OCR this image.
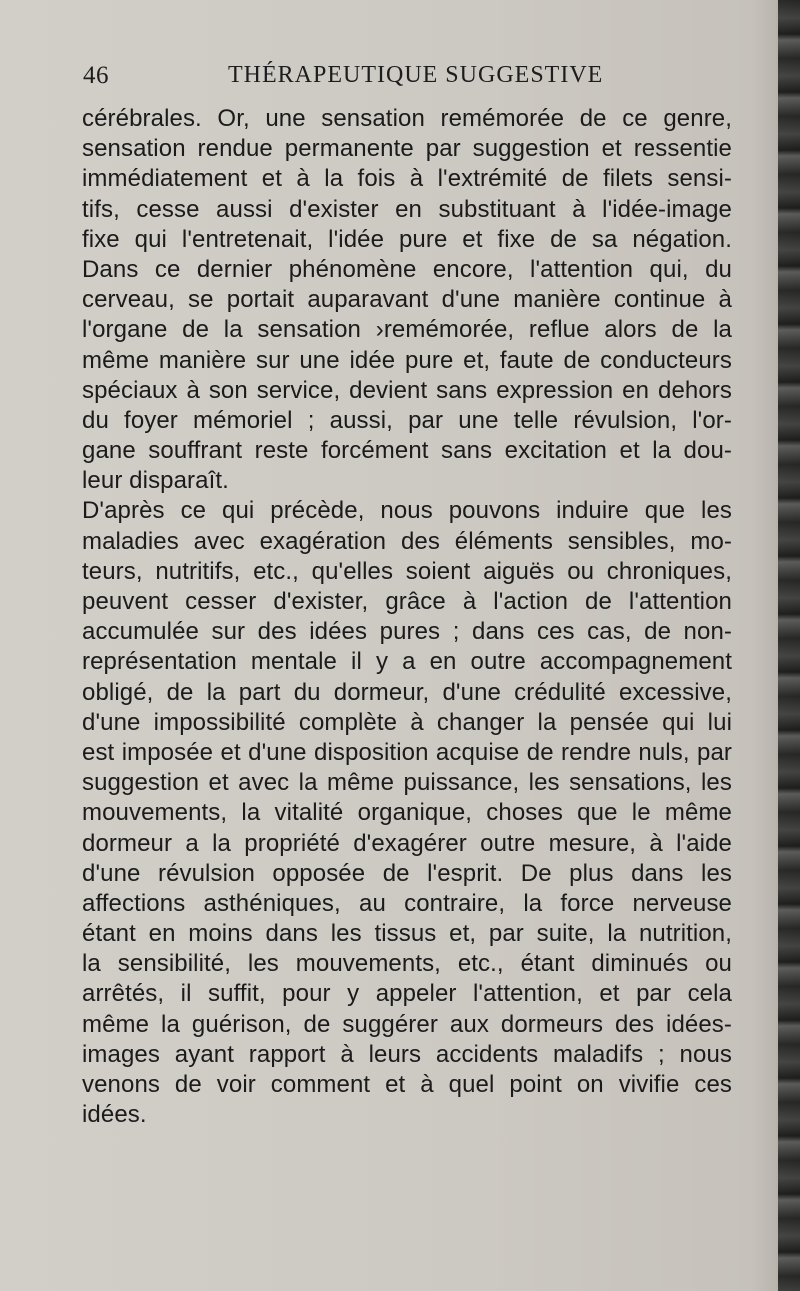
46	THÉRAPEUTIQUE SUGGESTIVE
cérébrales. Or, une sensation remémorée de ce genre,
sensation rendue permanente par suggestion et ressentie
immédiatement et à la fois à l'extrémité de filets sensi-
tifs, cesse aussi d'exister en substituant à l'idée-image
fixe qui l'entretenait, l'idée pure et fixe de sa négation.
Dans ce dernier phénomène encore, l'attention qui, du
cerveau, se portait auparavant d'une manière continue à
l'organe de la sensation ›remémorée, reflue alors de la
même manière sur une idée pure et, faute de conducteurs
spéciaux à son service, devient sans expression en dehors
du foyer mémoriel ; aussi, par une telle révulsion, l'or-
gane souffrant reste forcément sans excitation et la dou-
leur disparaît.
D'après ce qui précède, nous pouvons induire que les
maladies avec exagération des éléments sensibles, mo-
teurs, nutritifs, etc., qu'elles soient aiguës ou chroniques,
peuvent cesser d'exister, grâce à l'action de l'attention
accumulée sur des idées pures ; dans ces cas, de non-
représentation mentale il y a en outre accompagnement
obligé, de la part du dormeur, d'une crédulité excessive,
d'une impossibilité complète à changer la pensée qui lui
est imposée et d'une disposition acquise de rendre nuls, par
suggestion et avec la même puissance, les sensations, les
mouvements, la vitalité organique, choses que le même
dormeur a la propriété d'exagérer outre mesure, à l'aide
d'une révulsion opposée de l'esprit. De plus dans les
affections asthéniques, au contraire, la force nerveuse
étant en moins dans les tissus et, par suite, la nutrition,
la sensibilité, les mouvements, etc., étant diminués ou
arrêtés, il suffit, pour y appeler l'attention, et par cela
même la guérison, de suggérer aux dormeurs des idées-
images ayant rapport à leurs accidents maladifs ; nous
venons de voir comment et à quel point on vivifie ces
idées.
